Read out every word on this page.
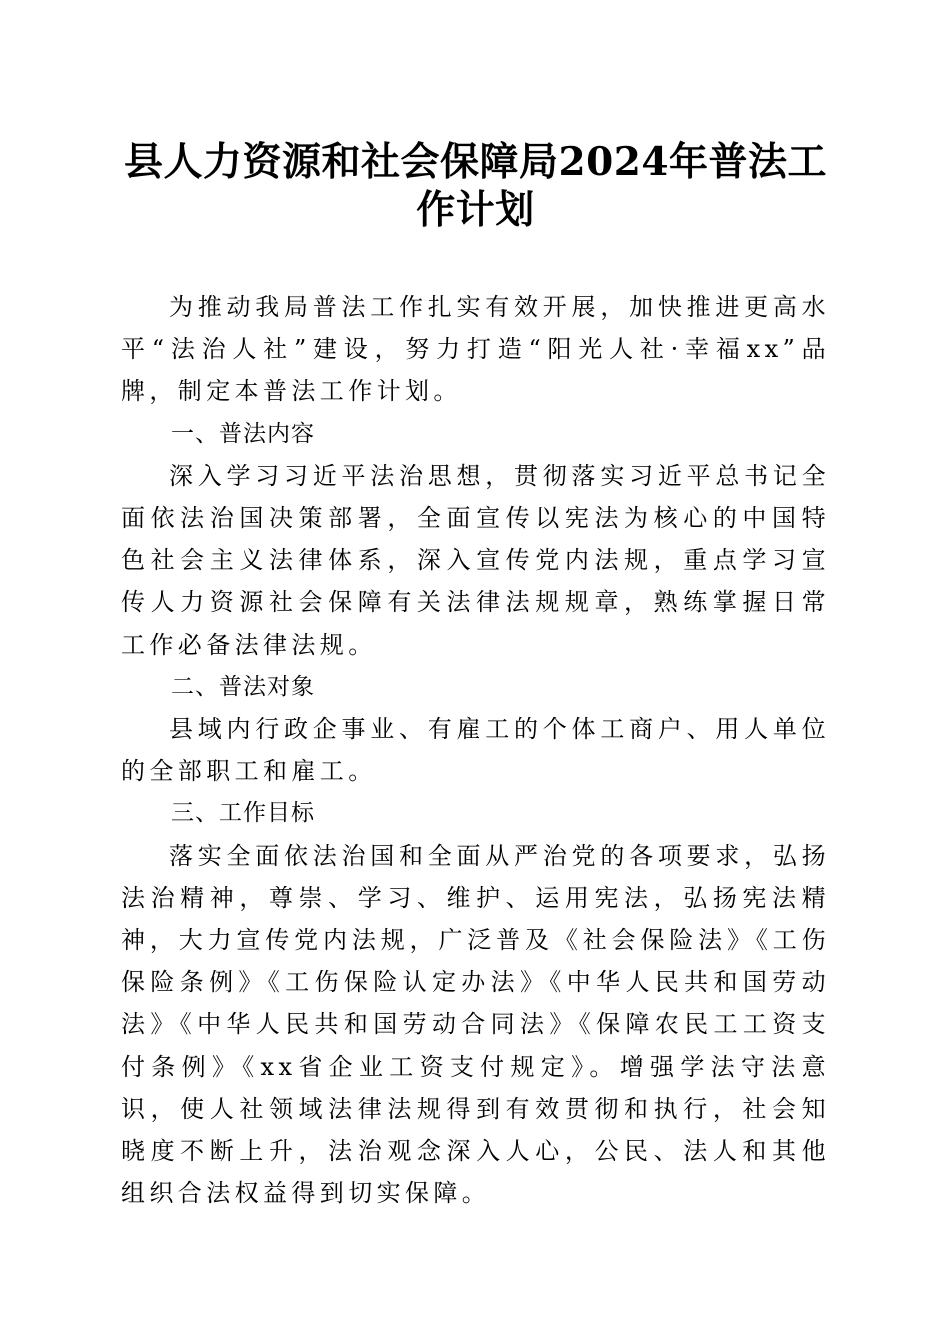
县人力资源和社会保障局2024年普法工作计划

为推动我局普法工作扎实有效开展，加快推进更高水平“法治人社”建设，努力打造“阳光人社·幸福xx”品牌，制定本普法工作计划。

一、普法内容

深入学习习近平法治思想，贯彻落实习近平总书记全面依法治国决策部署，全面宣传以宪法为核心的中国特色社会主义法律体系，深入宣传党内法规，重点学习宣传人力资源社会保障有关法律法规规章，熟练掌握日常工作必备法律法规。

二、普法对象

县域内行政企事业、有雇工的个体工商户、用人单位的全部职工和雇工。

三、工作目标

落实全面依法治国和全面从严治党的各项要求，弘扬法治精神，尊崇、学习、维护、运用宪法，弘扬宪法精神，大力宣传党内法规，广泛普及《社会保险法》《工伤保险条例》《工伤保险认定办法》《中华人民共和国劳动法》《中华人民共和国劳动合同法》《保障农民工工资支付条例》《xx省企业工资支付规定》。增强学法守法意识，使人社领域法律法规得到有效贯彻和执行，社会知晓度不断上升，法治观念深入人心，公民、法人和其他组织合法权益得到切实保障。
